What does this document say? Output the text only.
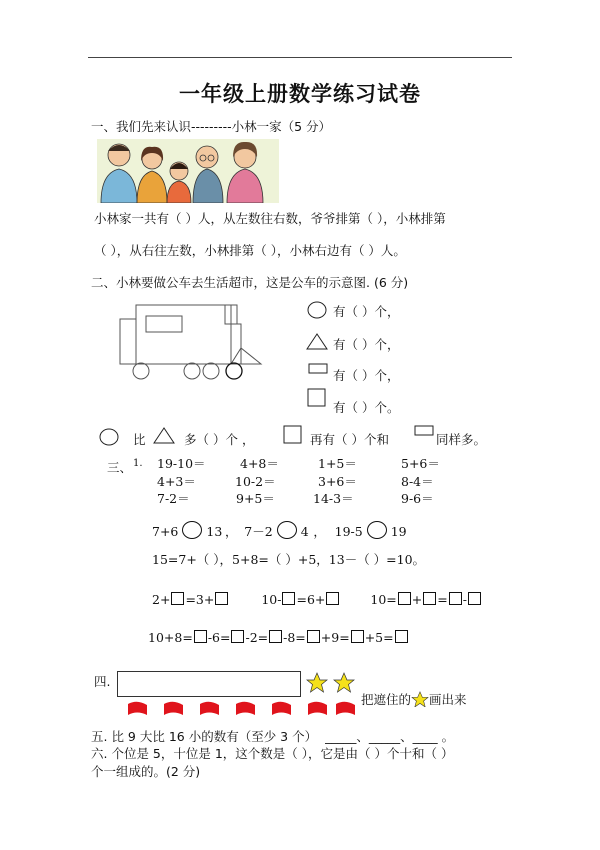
一年级上册数学练习试卷
一、我们先来认识---------小林一家（5 分）
小林家一共有（ ）人，从左数往右数，爷爷排第（ ），小林排第
（ ），从右往左数，小林排第（ ），小林右边有（ ）人。
二、小林要做公车去生活超市，这是公车的示意图. (6 分)
有（ ）个，
有（ ）个，
有（ ）个，
有（ ）个。
比	多（ ）个 ，	再有（ ）个和	同样多。
三、 1. 19-10＝	4+8＝	1+5＝	5+6＝
4+3＝	10-2＝	3+6＝	8-4＝
7-2＝	9+5＝	14-3＝	9-6＝
7+6 13 ， 7－2 4 ， 19-5 19
15=7+（ ），5+8=（ ）+5，13－（ ）=10。
2+ =3+	10- =6+	10= + = -
10+8= -6= -2= -8= +9= +5=
四.
把遮住的 画出来
五. 比 9 大比 16 小的数有（至少 3 个） _____、_____、____ 。
六. 个位是 5，十位是 1，这个数是（ ），它是由（ ）个十和（ ）
个一组成的。(2 分)
